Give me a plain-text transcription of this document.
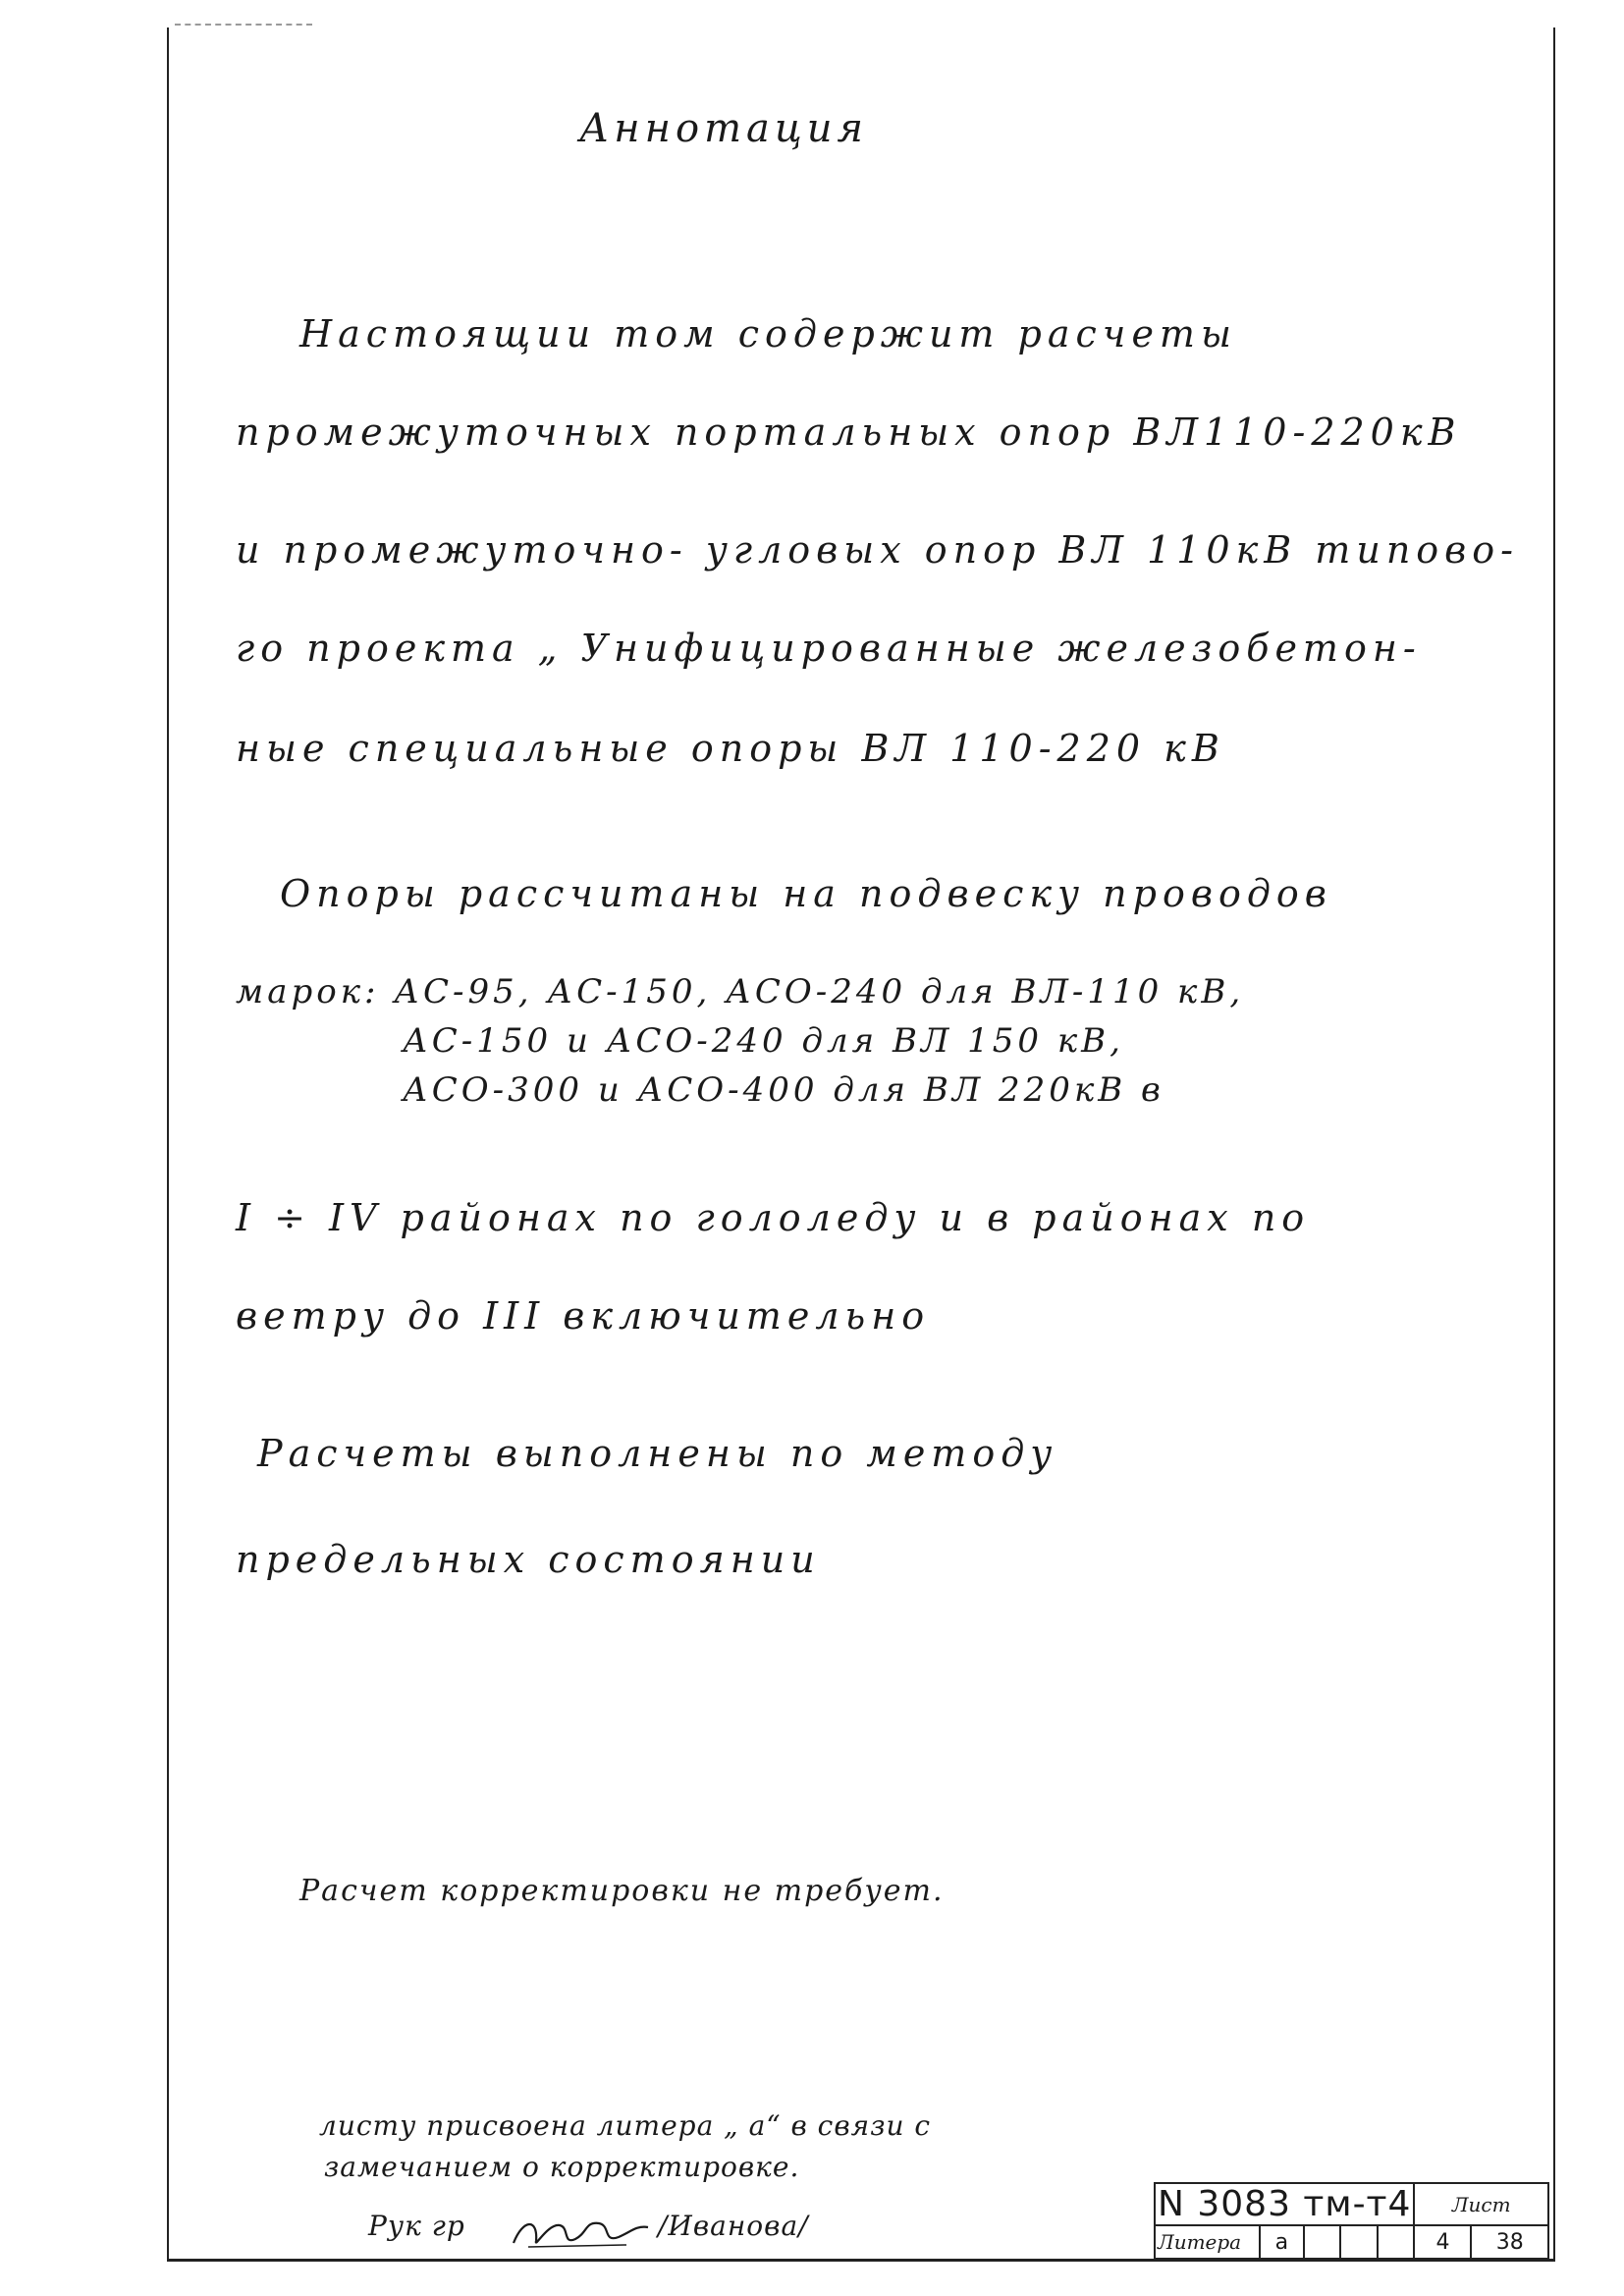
Аннотация
Настоящии том содержит расчеты
промежуточных портальных опор ВЛ110-220кВ
и промежуточно- угловых опор ВЛ 110кВ типово-
го проекта „ Унифицированные железобетон-
ные специальные опоры ВЛ 110-220 кВ
Опоры рассчитаны на подвеску проводов
марок: АС-95, АС-150, АСО-240 для ВЛ-110 кВ,
АС-150 и АСО-240 для ВЛ 150 кВ,
АСО-300 и АСО-400 для ВЛ 220кВ в
I ÷ IV районах по гололеду и в районах по
ветру до III включительно
Расчеты выполнены по методу
предельных состоянии
Расчет корректировки не требует.
листу присвоена литера „ а“ в связи с
замечанием о корректировке.
Рук гр	/Иванова/
N 3083 тм-т4					Лист	
Литера	а				4	38
